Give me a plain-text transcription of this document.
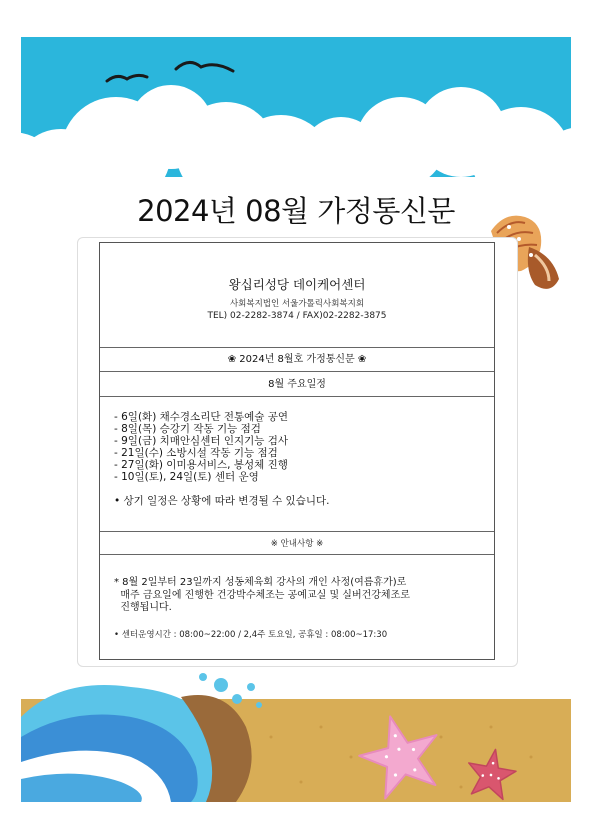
2024년 08월 가정통신문
왕십리성당 데이케어센터
사회복지법인 서울가톨릭사회복지회
TEL) 02-2282-3874 / FAX)02-2282-3875
❀ 2024년 8월호 가정통신문 ❀
8월 주요일정
- 6일(화) 채수경소리단 전통예술 공연
- 8일(목) 승강기 작동 기능 점검
- 9일(금) 치매안심센터 인지기능 검사
- 21일(수) 소방시설 작동 기능 점검
- 27일(화) 이미용서비스, 봉성체 진행
- 10일(토), 24일(토) 센터 운영
• 상기 일정은 상황에 따라 변경될 수 있습니다.
※ 안내사항 ※
* 8월 2일부터 23일까지 성동체육회 강사의 개인 사정(여름휴가)로
매주 금요일에 진행한 건강박수체조는 공예교실 및 실버건강체조로
진행됩니다.
• 센터운영시간 : 08:00~22:00 / 2,4주 토요일, 공휴일 : 08:00~17:30
